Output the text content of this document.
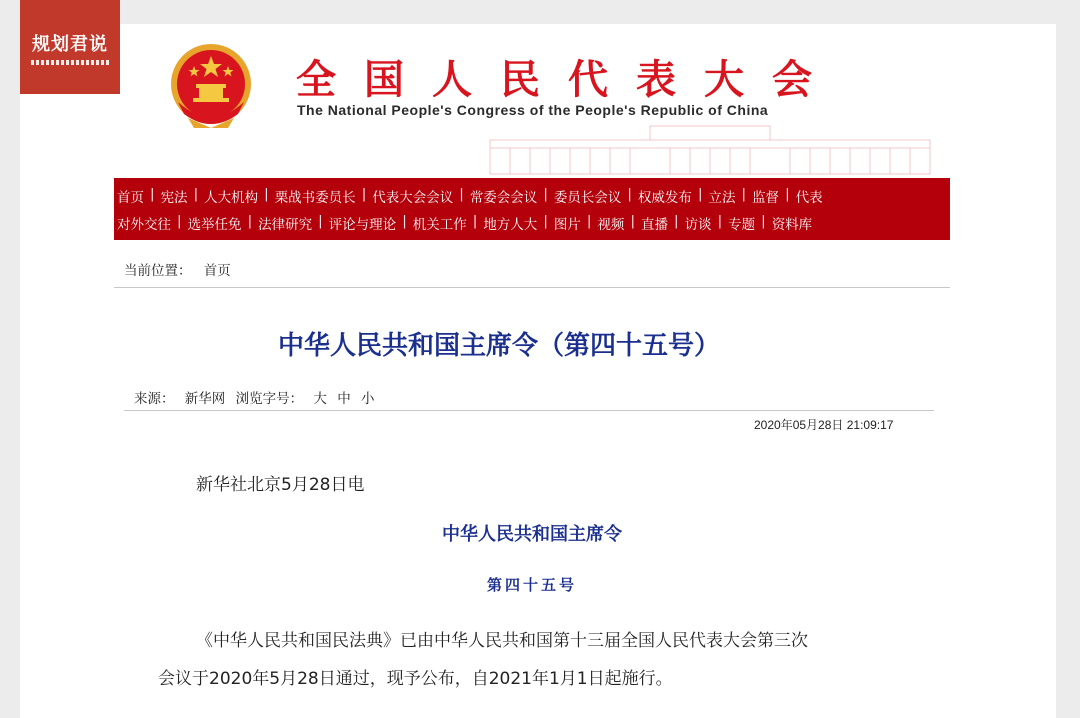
规划君说
全国人民代表大会
The National People's Congress of the People's Republic of China
首页 | 宪法 | 人大机构 | 栗战书委员长 | 代表大会会议 | 常委会会议 | 委员长会议 | 权威发布 | 立法 | 监督 | 代表
对外交往 | 选举任免 | 法律研究 | 评论与理论 | 机关工作 | 地方人大 | 图片 | 视频 | 直播 | 访谈 | 专题 | 资料库
当前位置： 首页
中华人民共和国主席令（第四十五号）
来源： 新华网 浏览字号： 大 中 小
2020年05月28日 21:09:17
新华社北京5月28日电
中华人民共和国主席令
第四十五号
《中华人民共和国民法典》已由中华人民共和国第十三届全国人民代表大会第三次
会议于2020年5月28日通过，现予公布，自2021年1月1日起施行。
